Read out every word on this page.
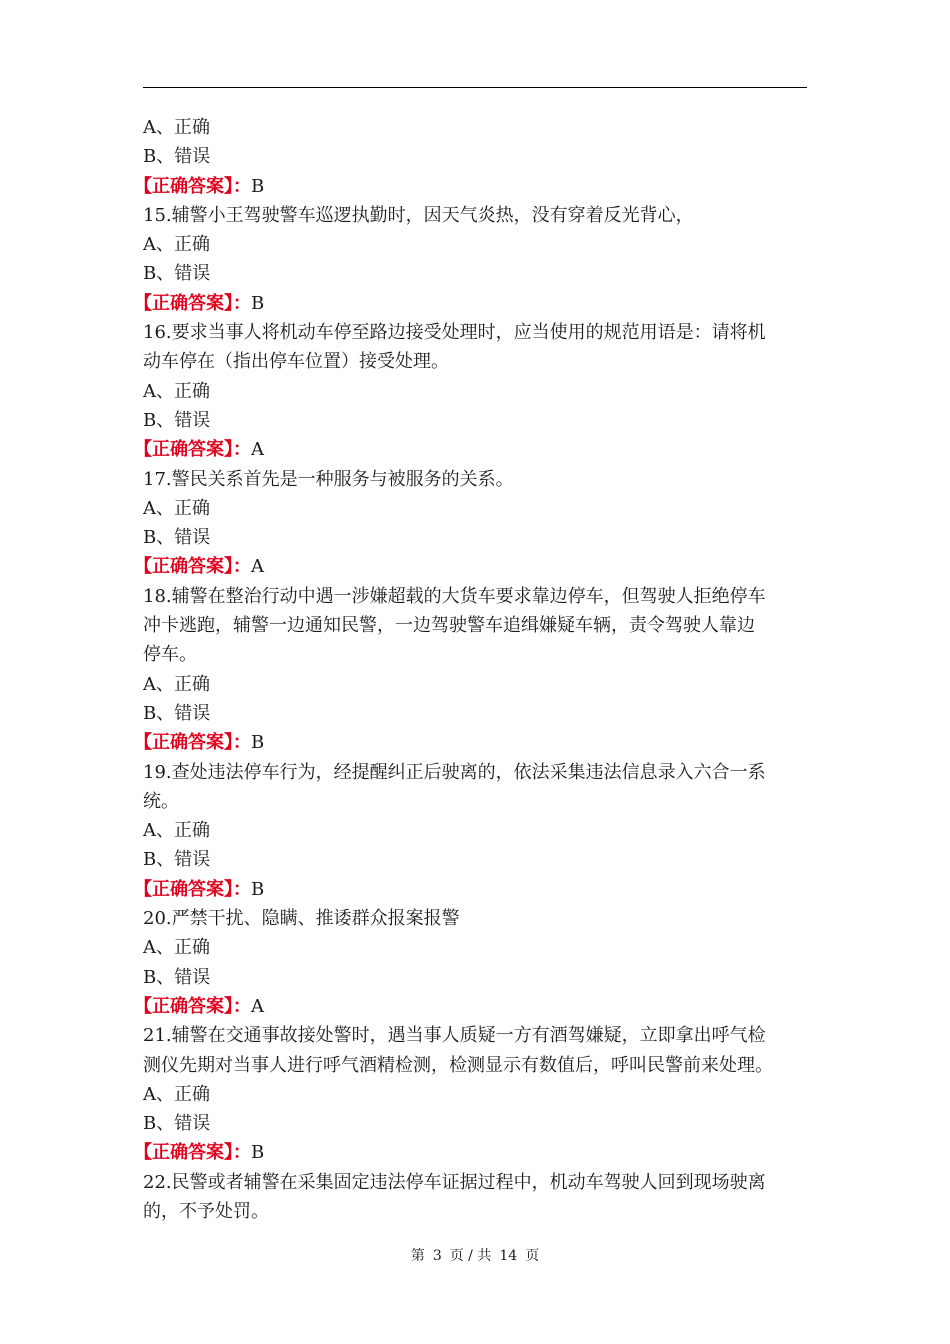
A、正确
B、错误
【正确答案】：B
15.辅警小王驾驶警车巡逻执勤时，因天气炎热，没有穿着反光背心，
A、正确
B、错误
【正确答案】：B
16.要求当事人将机动车停至路边接受处理时，应当使用的规范用语是：请将机
动车停在（指出停车位置）接受处理。
A、正确
B、错误
【正确答案】：A
17.警民关系首先是一种服务与被服务的关系。
A、正确
B、错误
【正确答案】：A
18.辅警在整治行动中遇一涉嫌超载的大货车要求靠边停车，但驾驶人拒绝停车
冲卡逃跑，辅警一边通知民警，一边驾驶警车追缉嫌疑车辆，责令驾驶人靠边
停车。
A、正确
B、错误
【正确答案】：B
19.查处违法停车行为，经提醒纠正后驶离的，依法采集违法信息录入六合一系
统。
A、正确
B、错误
【正确答案】：B
20.严禁干扰、隐瞒、推诿群众报案报警
A、正确
B、错误
【正确答案】：A
21.辅警在交通事故接处警时，遇当事人质疑一方有酒驾嫌疑，立即拿出呼气检
测仪先期对当事人进行呼气酒精检测，检测显示有数值后，呼叫民警前来处理。
A、正确
B、错误
【正确答案】：B
22.民警或者辅警在采集固定违法停车证据过程中，机动车驾驶人回到现场驶离
的，不予处罚。
第 3 页 / 共 14 页
